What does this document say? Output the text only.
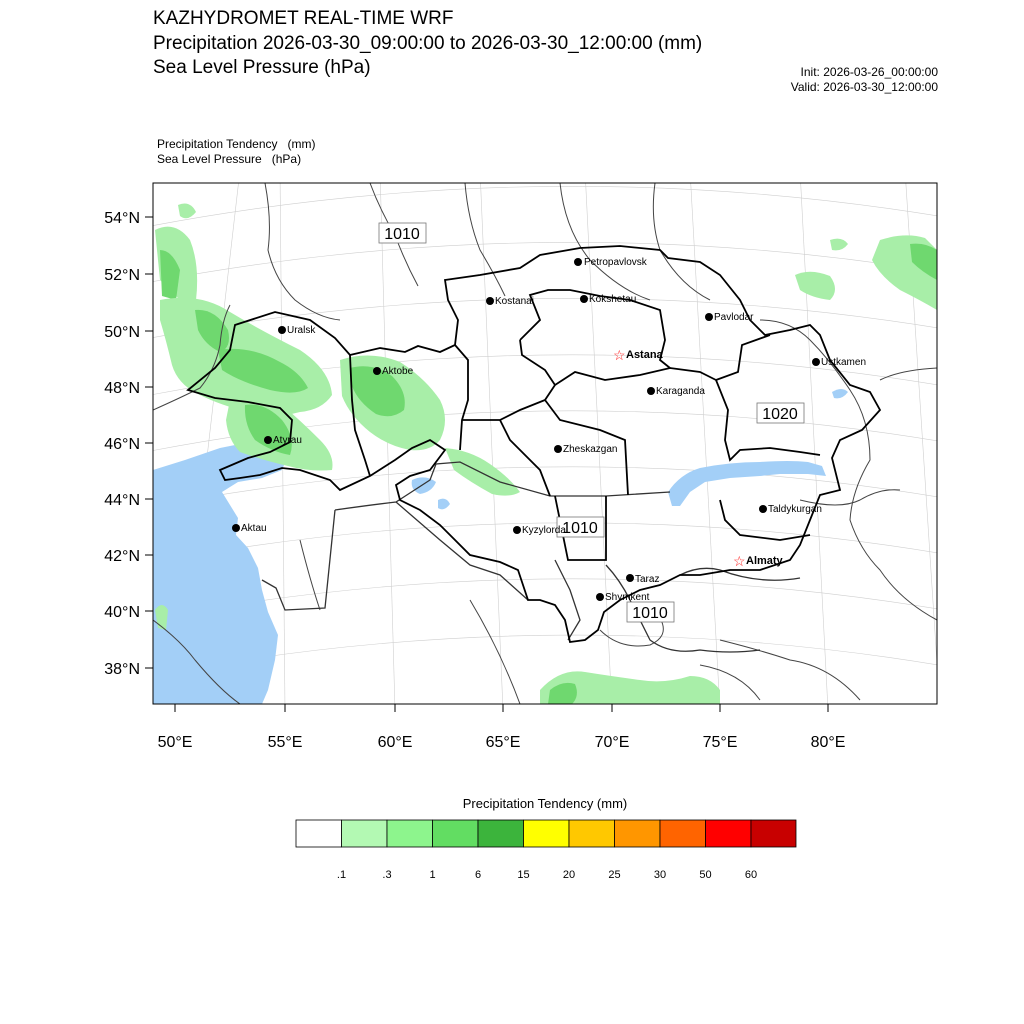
KAZHYDROMET REAL-TIME WRF
Precipitation 2026-03-30_09:00:00 to 2026-03-30_12:00:00 (mm)
Sea Level Pressure (hPa)	Init: 2026-03-26_00:00:00
Valid: 2026-03-30_12:00:00
Precipitation Tendency   (mm)
Sea Level Pressure   (hPa)
54°N
52°N
50°N
48°N
46°N
44°N
42°N
40°N
38°N
50°E	55°E	60°E	65°E	70°E	75°E	80°E
1010
1020
1010
1010
Petropavlovsk
Kostanai	Kokshetau
Uralsk
Pavlodar
☆ Astana
Ustkamen
Aktobe
Karaganda
Atyrau
Zheskazgan
Aktau	Kyzylorda
Taldykurgan
☆ Almaty
Taraz
Shymkent
.1	.3	1	6	15	20	25	30	50	60
Precipitation Tendency (mm)
